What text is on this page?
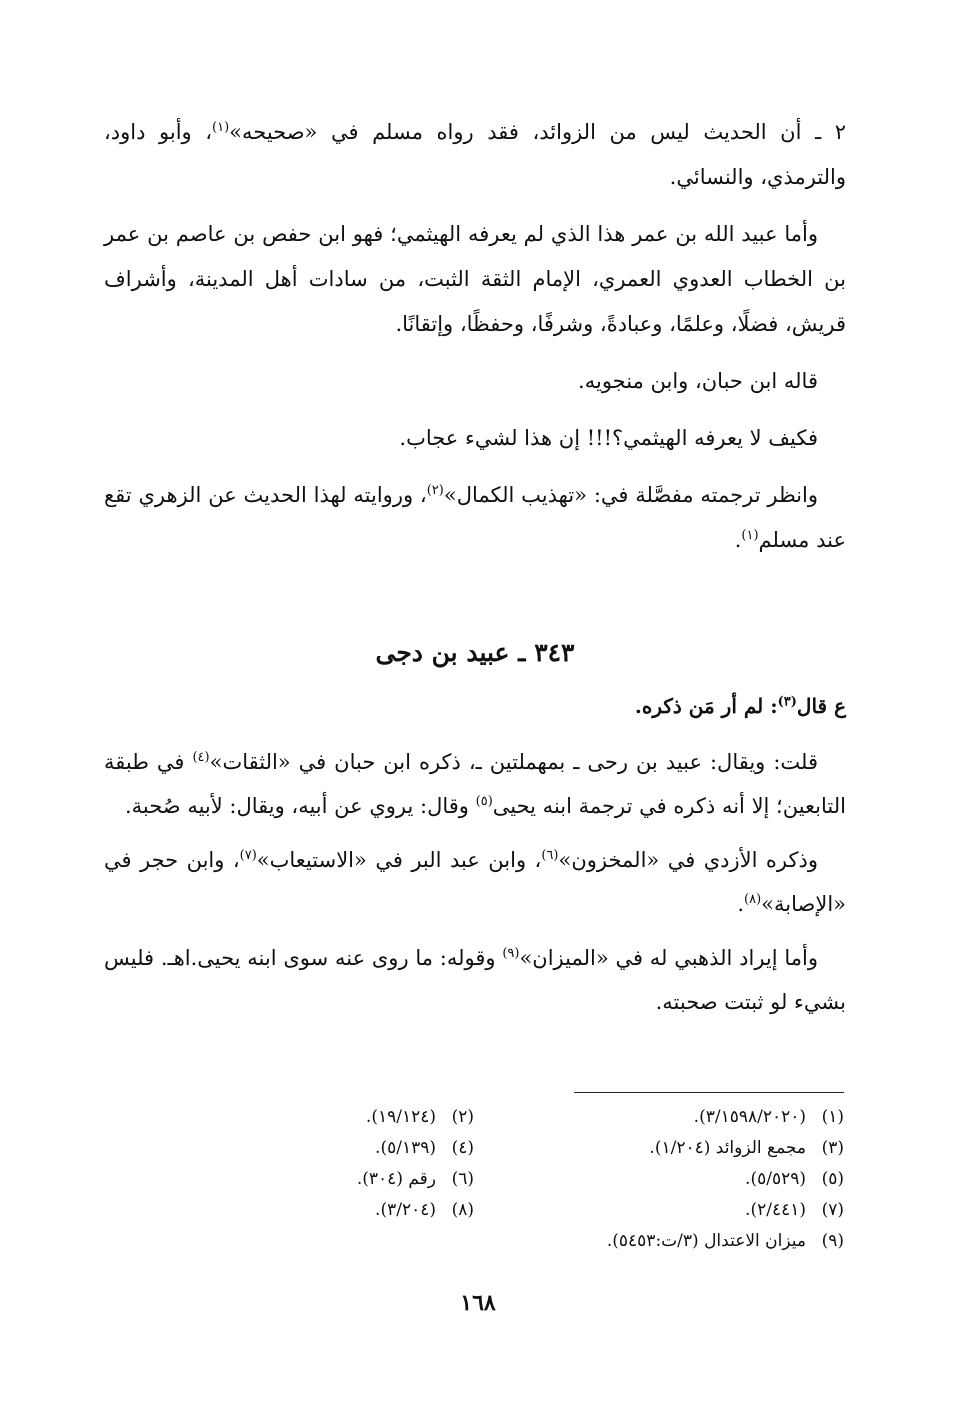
٢ ـ أن الحديث ليس من الزوائد، فقد رواه مسلم في «صحيحه»$^{(١)}$، وأبو داود، والترمذي، والنسائي.

وأما عبيد الله بن عمر هذا الذي لم يعرفه الهيثمي؛ فهو ابن حفص بن عاصم بن عمر بن الخطاب العدوي العمري، الإمام الثقة الثبت، من سادات أهل المدينة، وأشراف قريش، فضلًا، وعلمًا، وعبادةً، وشرفًا، وحفظًا، وإتقانًا.

قاله ابن حبان، وابن منجويه.

فكيف لا يعرفه الهيثمي؟!!! إن هذا لشيء عجاب.

وانظر ترجمته مفصَّلة في: «تهذيب الكمال»$^{(٢)}$، وروايته لهذا الحديث عن الزهري تقع عند مسلم$^{(١)}$.

٣٤٣ ـ عبيد بن دجى
ع قال$^{(٣)}$: لم أر مَن ذكره.

قلت: ويقال: عبيد بن رحى ـ بمهملتين ـ، ذكره ابن حبان في «الثقات»$^{(٤)}$ في طبقة التابعين؛ إلا أنه ذكره في ترجمة ابنه يحيى$^{(٥)}$ وقال: يروي عن أبيه، ويقال: لأبيه صُحبة.

وذكره الأزدي في «المخزون»$^{(٦)}$، وابن عبد البر في «الاستيعاب»$^{(٧)}$، وابن حجر في «الإصابة»$^{(٨)}$.

وأما إيراد الذهبي له في «الميزان»$^{(٩)}$ وقوله: ما روى عنه سوى ابنه يحيى.اهـ. فليس بشيء لو ثبتت صحبته.

(١)(٣/١٥٩٨/٢٠٢٠).
(٢)(١٩/١٢٤).
(٣)مجمع الزوائد (١/٢٠٤).
(٤)(٥/١٣٩).
(٥)(٥/٥٢٩).
(٦)رقم (٣٠٤).
(٧)(٢/٤٤١).
(٨)(٣/٢٠٤).
(٩)ميزان الاعتدال (٣/ت:٥٤٥٣).
١٦٨
